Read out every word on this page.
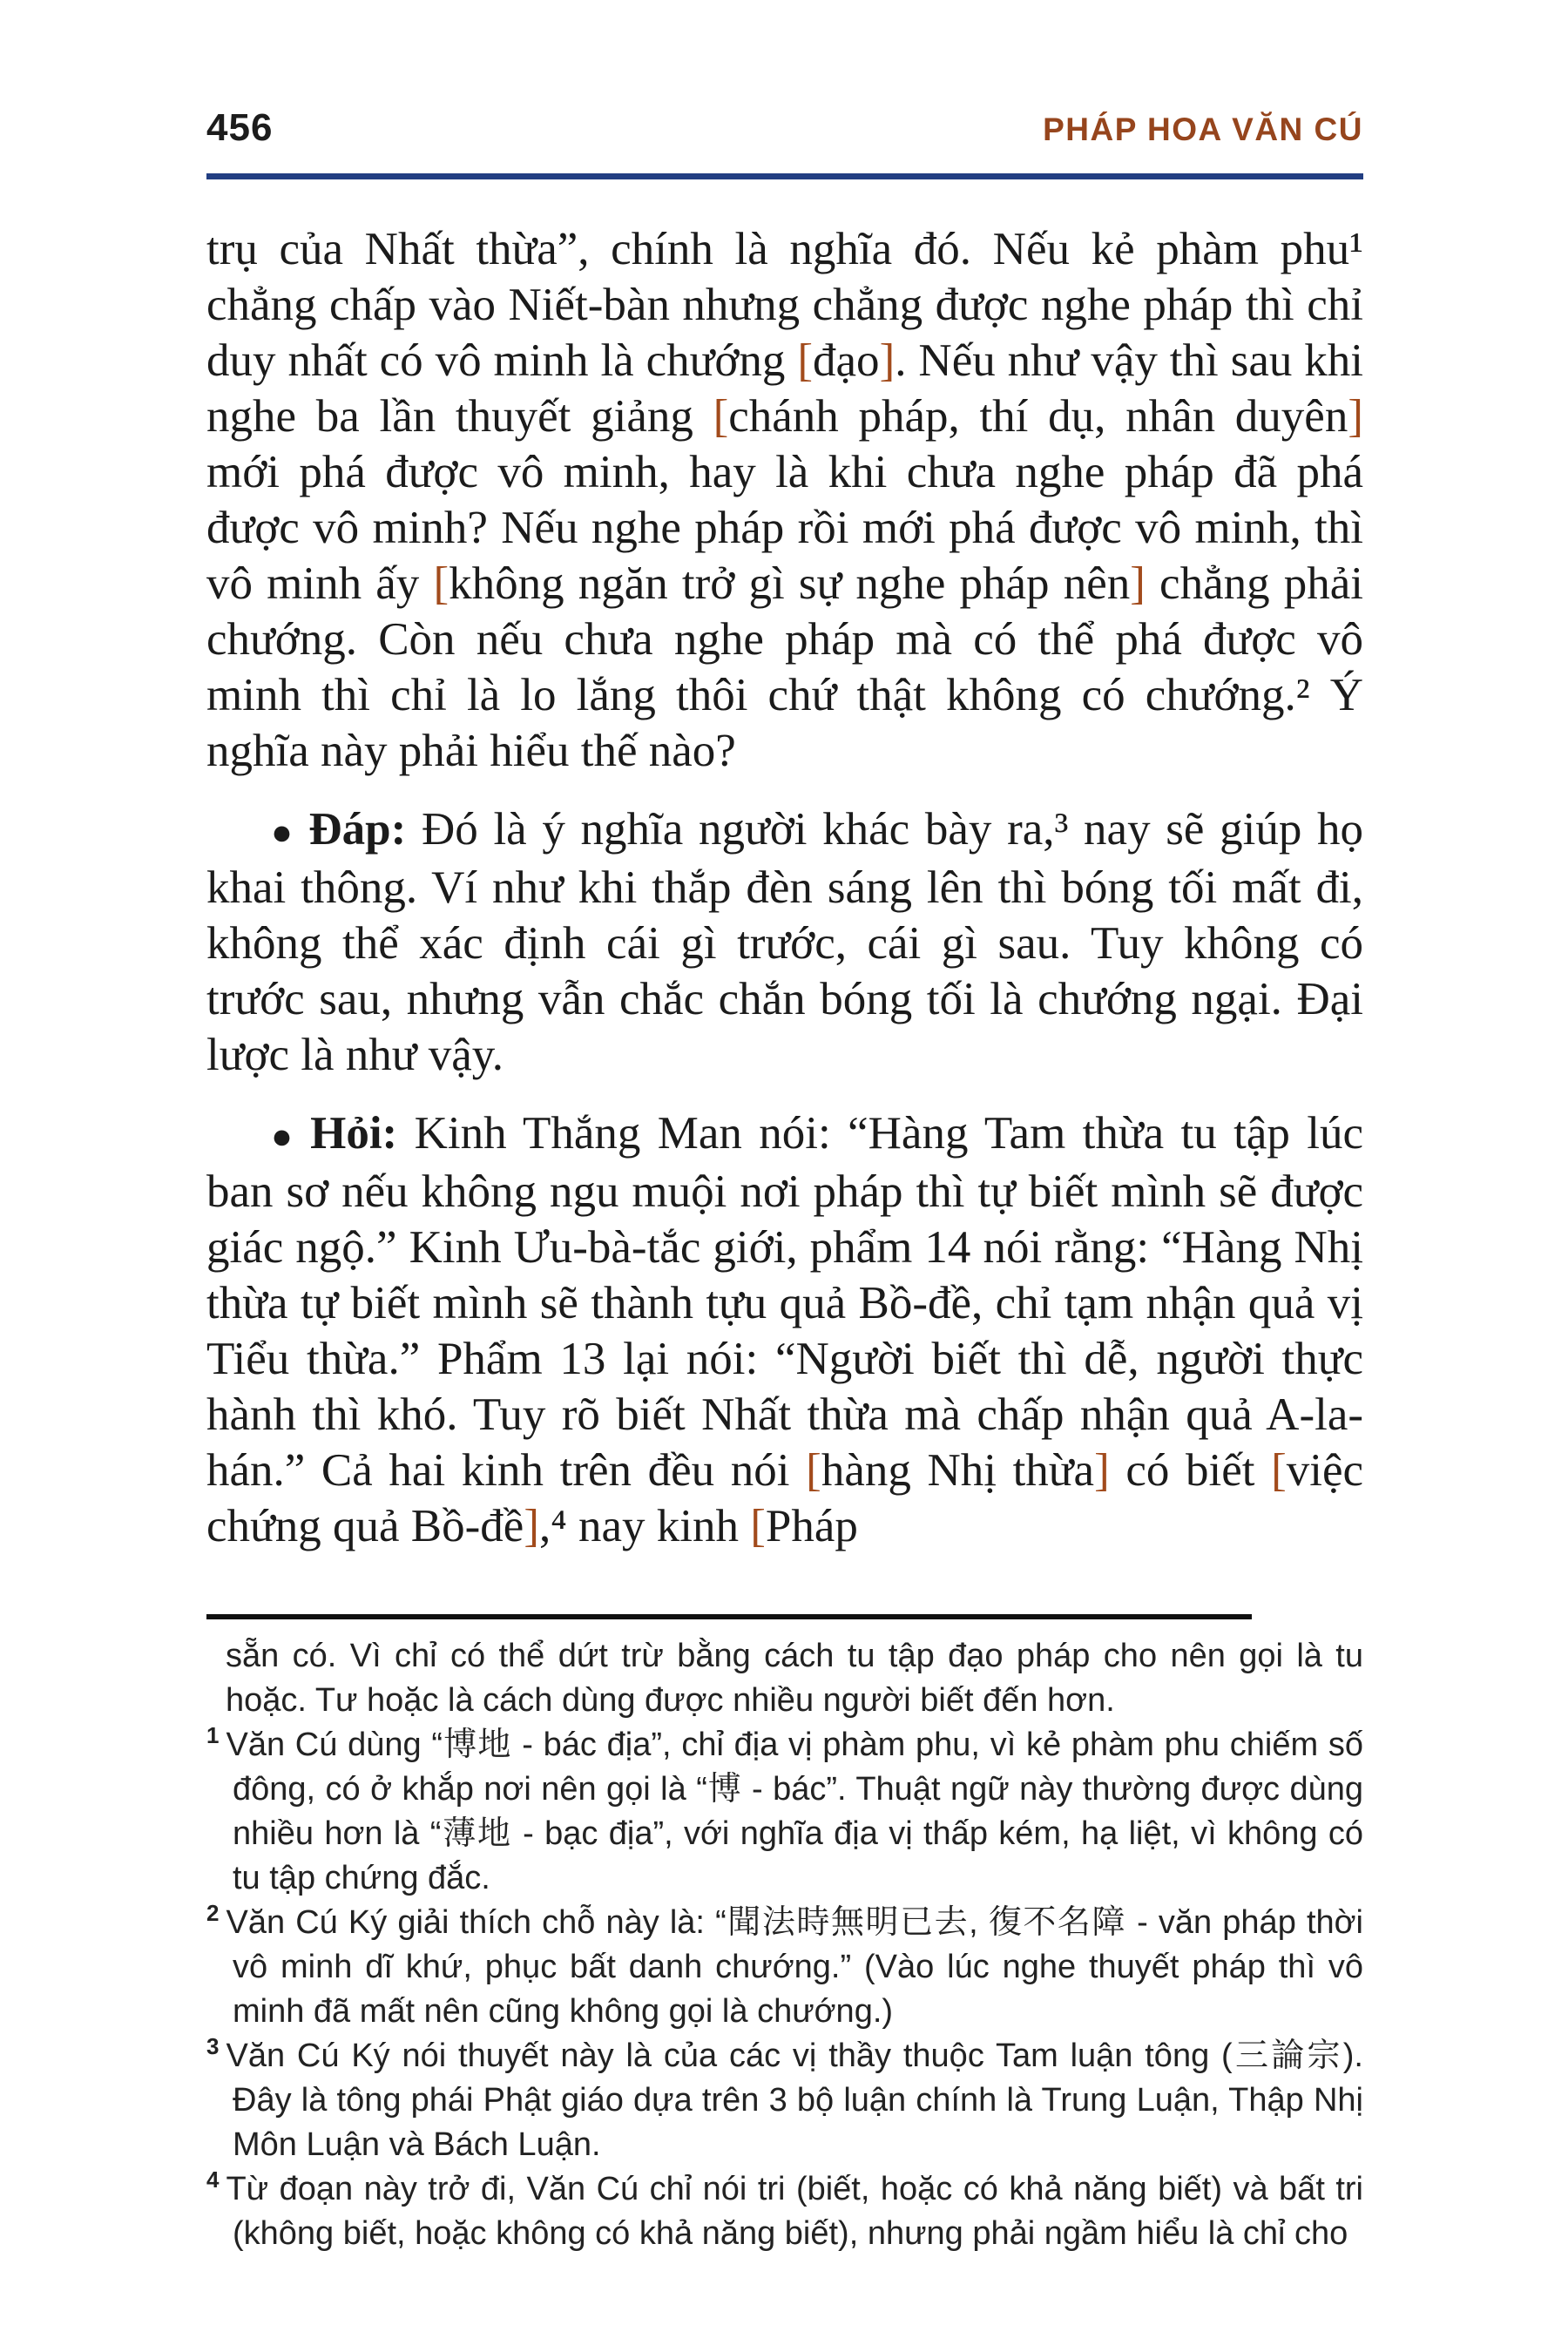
456	PHÁP HOA VĂN CÚ

trụ của Nhất thừa”, chính là nghĩa đó. Nếu kẻ phàm phu¹ chẳng chấp vào Niết-bàn nhưng chẳng được nghe pháp thì chỉ duy nhất có vô minh là chướng [đạo]. Nếu như vậy thì sau khi nghe ba lần thuyết giảng [chánh pháp, thí dụ, nhân duyên] mới phá được vô minh, hay là khi chưa nghe pháp đã phá được vô minh? Nếu nghe pháp rồi mới phá được vô minh, thì vô minh ấy [không ngăn trở gì sự nghe pháp nên] chẳng phải chướng. Còn nếu chưa nghe pháp mà có thể phá được vô minh thì chỉ là lo lắng thôi chứ thật không có chướng.² Ý nghĩa này phải hiểu thế nào?

● Đáp: Đó là ý nghĩa người khác bày ra,³ nay sẽ giúp họ khai thông. Ví như khi thắp đèn sáng lên thì bóng tối mất đi, không thể xác định cái gì trước, cái gì sau. Tuy không có trước sau, nhưng vẫn chắc chắn bóng tối là chướng ngại. Đại lược là như vậy.

● Hỏi: Kinh Thắng Man nói: “Hàng Tam thừa tu tập lúc ban sơ nếu không ngu muội nơi pháp thì tự biết mình sẽ được giác ngộ.” Kinh Ưu-bà-tắc giới, phẩm 14 nói rằng: “Hàng Nhị thừa tự biết mình sẽ thành tựu quả Bồ-đề, chỉ tạm nhận quả vị Tiểu thừa.” Phẩm 13 lại nói: “Người biết thì dễ, người thực hành thì khó. Tuy rõ biết Nhất thừa mà chấp nhận quả A-la-hán.” Cả hai kinh trên đều nói [hàng Nhị thừa] có biết [việc chứng quả Bồ-đề],⁴ nay kinh [Pháp

sẵn có. Vì chỉ có thể dứt trừ bằng cách tu tập đạo pháp cho nên gọi là tu hoặc. Tư hoặc là cách dùng được nhiều người biết đến hơn.

1 Văn Cú dùng “博地 - bác địa”, chỉ địa vị phàm phu, vì kẻ phàm phu chiếm số đông, có ở khắp nơi nên gọi là “博 - bác”. Thuật ngữ này thường được dùng nhiều hơn là “薄地 - bạc địa”, với nghĩa địa vị thấp kém, hạ liệt, vì không có tu tập chứng đắc.

2 Văn Cú Ký giải thích chỗ này là: “聞法時無明已去, 復不名障 - văn pháp thời vô minh dĩ khứ, phục bất danh chướng.” (Vào lúc nghe thuyết pháp thì vô minh đã mất nên cũng không gọi là chướng.)

3 Văn Cú Ký nói thuyết này là của các vị thầy thuộc Tam luận tông (三論宗). Đây là tông phái Phật giáo dựa trên 3 bộ luận chính là Trung Luận, Thập Nhị Môn Luận và Bách Luận.

4 Từ đoạn này trở đi, Văn Cú chỉ nói tri (biết, hoặc có khả năng biết) và bất tri (không biết, hoặc không có khả năng biết), nhưng phải ngầm hiểu là chỉ cho
